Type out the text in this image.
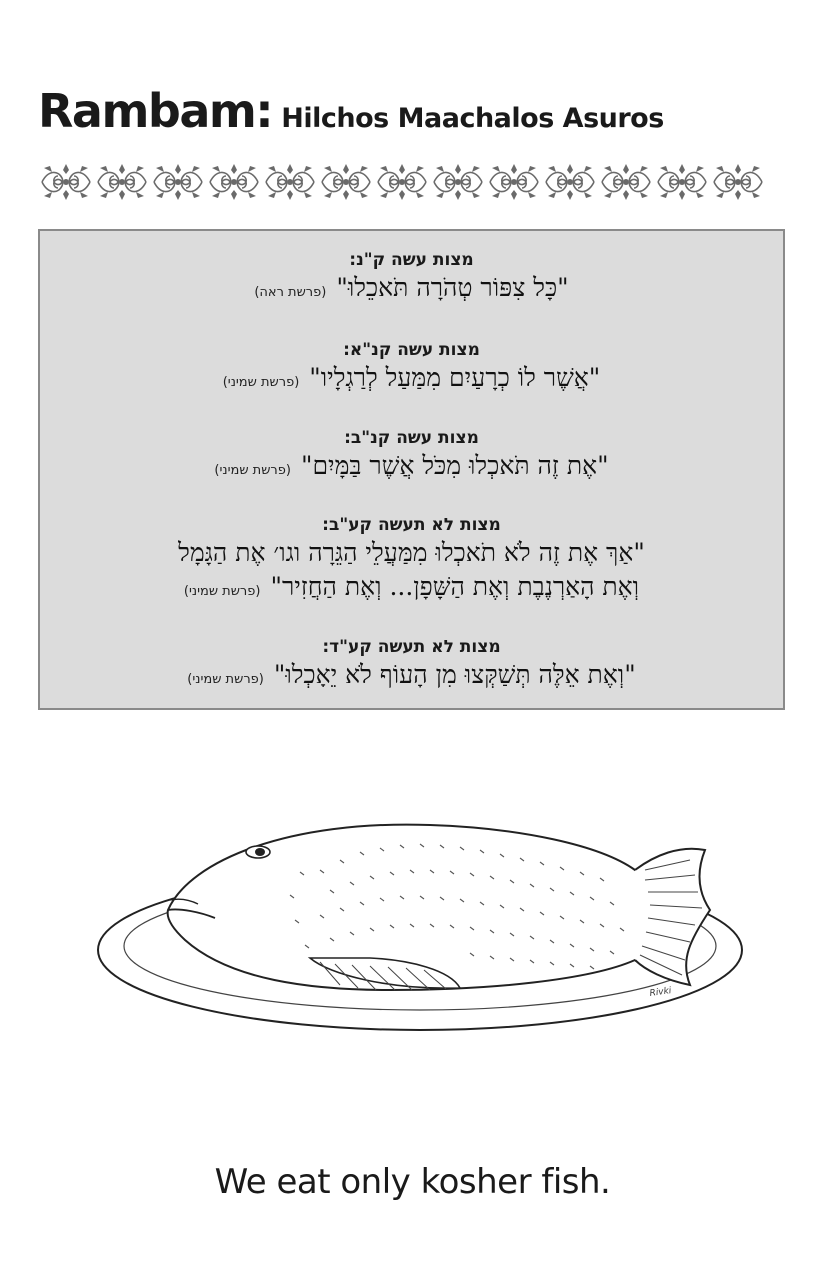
Rambam: Hilchos Maachalos Asuros
מצות עשה ק"נ:
"כָּל צִפּוֹר טְהֹרָה תֹּאכֵלוּ"(פרשת ראה)
מצות עשה קנ"א:
"אֲשֶׁר לוֹ כְרָעַיִם מִמַּעַל לְרַגְלָיו"(פרשת שמיני)
מצות עשה קנ"ב:
"אֶת זֶה תֹּאכְלוּ מִכֹּל אֲשֶׁר בַּמָּיִם"(פרשת שמיני)
מצות לא תעשה קע"ב:
"אַךְ אֶת זֶה לֹא תֹאכְלוּ מִמַּעֲלֵי הַגֵּרָה וגו׳ אֶת הַגָּמָל
וְאֶת הָאַרְנֶבֶת וְאֶת הַשָּׁפָן... וְאֶת הַחֲזִיר"(פרשת שמיני)
מצות לא תעשה קע"ד:
"וְאֶת אֵלֶּה תְּשַׁקְּצוּ מִן הָעוֹף לֹא יֵאָכְלוּ"(פרשת שמיני)
Rivki
We eat only kosher fish.
